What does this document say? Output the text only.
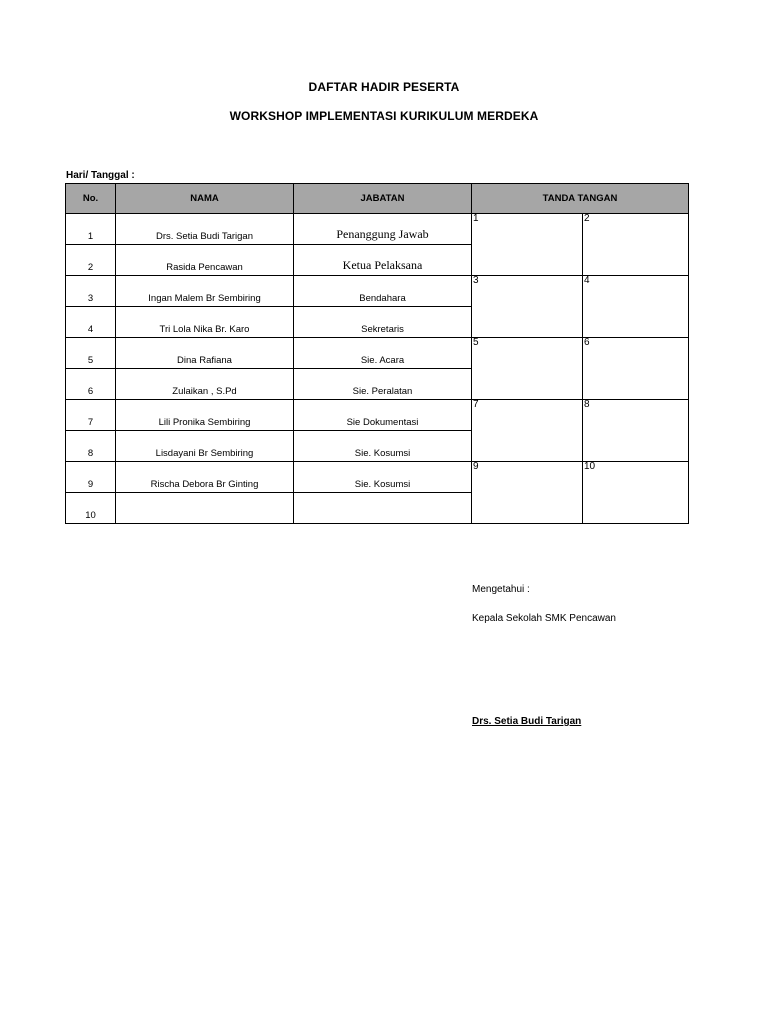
DAFTAR HADIR PESERTA
WORKSHOP IMPLEMENTASI KURIKULUM MERDEKA
Hari/ Tanggal :
No.	NAMA	JABATAN	TANDA TANGAN	
1	Drs. Setia Budi Tarigan	Penanggung Jawab	1	2
2	Rasida Pencawan	Ketua Pelaksana		
3	Ingan Malem Br Sembiring	Bendahara	3	4
4	Tri Lola Nika Br. Karo	Sekretaris		
5	Dina Rafiana	Sie. Acara	5	6
6	Zulaikan , S.Pd	Sie. Peralatan		
7	Lili Pronika Sembiring	Sie Dokumentasi	7	8
8	Lisdayani Br Sembiring	Sie. Kosumsi		
9	Rischa Debora Br Ginting	Sie. Kosumsi	9	10
10				
Mengetahui :
Kepala Sekolah SMK Pencawan
Drs. Setia Budi Tarigan
